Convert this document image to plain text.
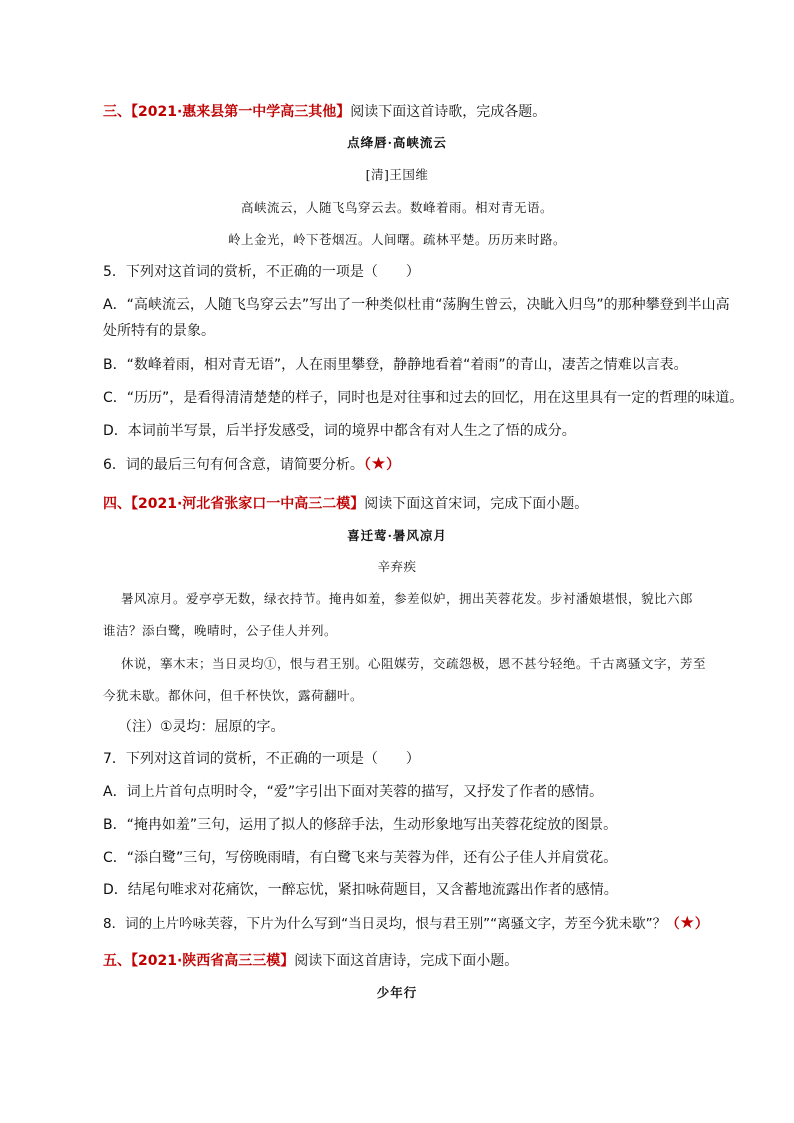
三、【2021·惠来县第一中学高三其他】阅读下面这首诗歌，完成各题。
点绛唇·高峡流云
[清]王国维
高峡流云，人随飞鸟穿云去。数峰着雨。相对青无语。
岭上金光，岭下苍烟冱。人间曙。疏林平楚。历历来时路。
5．下列对这首词的赏析，不正确的一项是（　　）
A．“高峡流云，人随飞鸟穿云去”写出了一种类似杜甫“荡胸生曾云，决眦入归鸟”的那种攀登到半山高
处所特有的景象。
B．“数峰着雨，相对青无语”，人在雨里攀登，静静地看着“着雨”的青山，凄苦之情难以言表。
C．“历历”，是看得清清楚楚的样子，同时也是对往事和过去的回忆，用在这里具有一定的哲理的味道。
D．本词前半写景，后半抒发感受，词的境界中都含有对人生之了悟的成分。
6．词的最后三句有何含意，请简要分析。（★）
四、【2021·河北省张家口一中高三二模】阅读下面这首宋词，完成下面小题。
喜迁莺·暑风凉月
辛弃疾
暑风凉月。爱亭亭无数，绿衣持节。掩冉如羞，参差似妒，拥出芙蓉花发。步衬潘娘堪恨，貌比六郎
谁洁？添白鹭，晚晴时，公子佳人并列。
休说，搴木末；当日灵均①，恨与君王别。心阻媒劳，交疏怨极，恩不甚兮轻绝。千古离骚文字，芳至
今犹未歇。都休问，但千杯快饮，露荷翻叶。
（注）①灵均：屈原的字。
7．下列对这首词的赏析，不正确的一项是（　　）
A．词上片首句点明时令，“爱”字引出下面对芙蓉的描写，又抒发了作者的感情。
B．“掩冉如羞”三句，运用了拟人的修辞手法，生动形象地写出芙蓉花绽放的图景。
C．“添白鹭”三句，写傍晚雨晴，有白鹭飞来与芙蓉为伴，还有公子佳人并肩赏花。
D．结尾句唯求对花痛饮，一醉忘忧，紧扣咏荷题目，又含蓄地流露出作者的感情。
8．词的上片吟咏芙蓉，下片为什么写到“当日灵均，恨与君王别”“离骚文字，芳至今犹未歇”？（★）
五、【2021·陕西省高三三模】阅读下面这首唐诗，完成下面小题。
少年行
